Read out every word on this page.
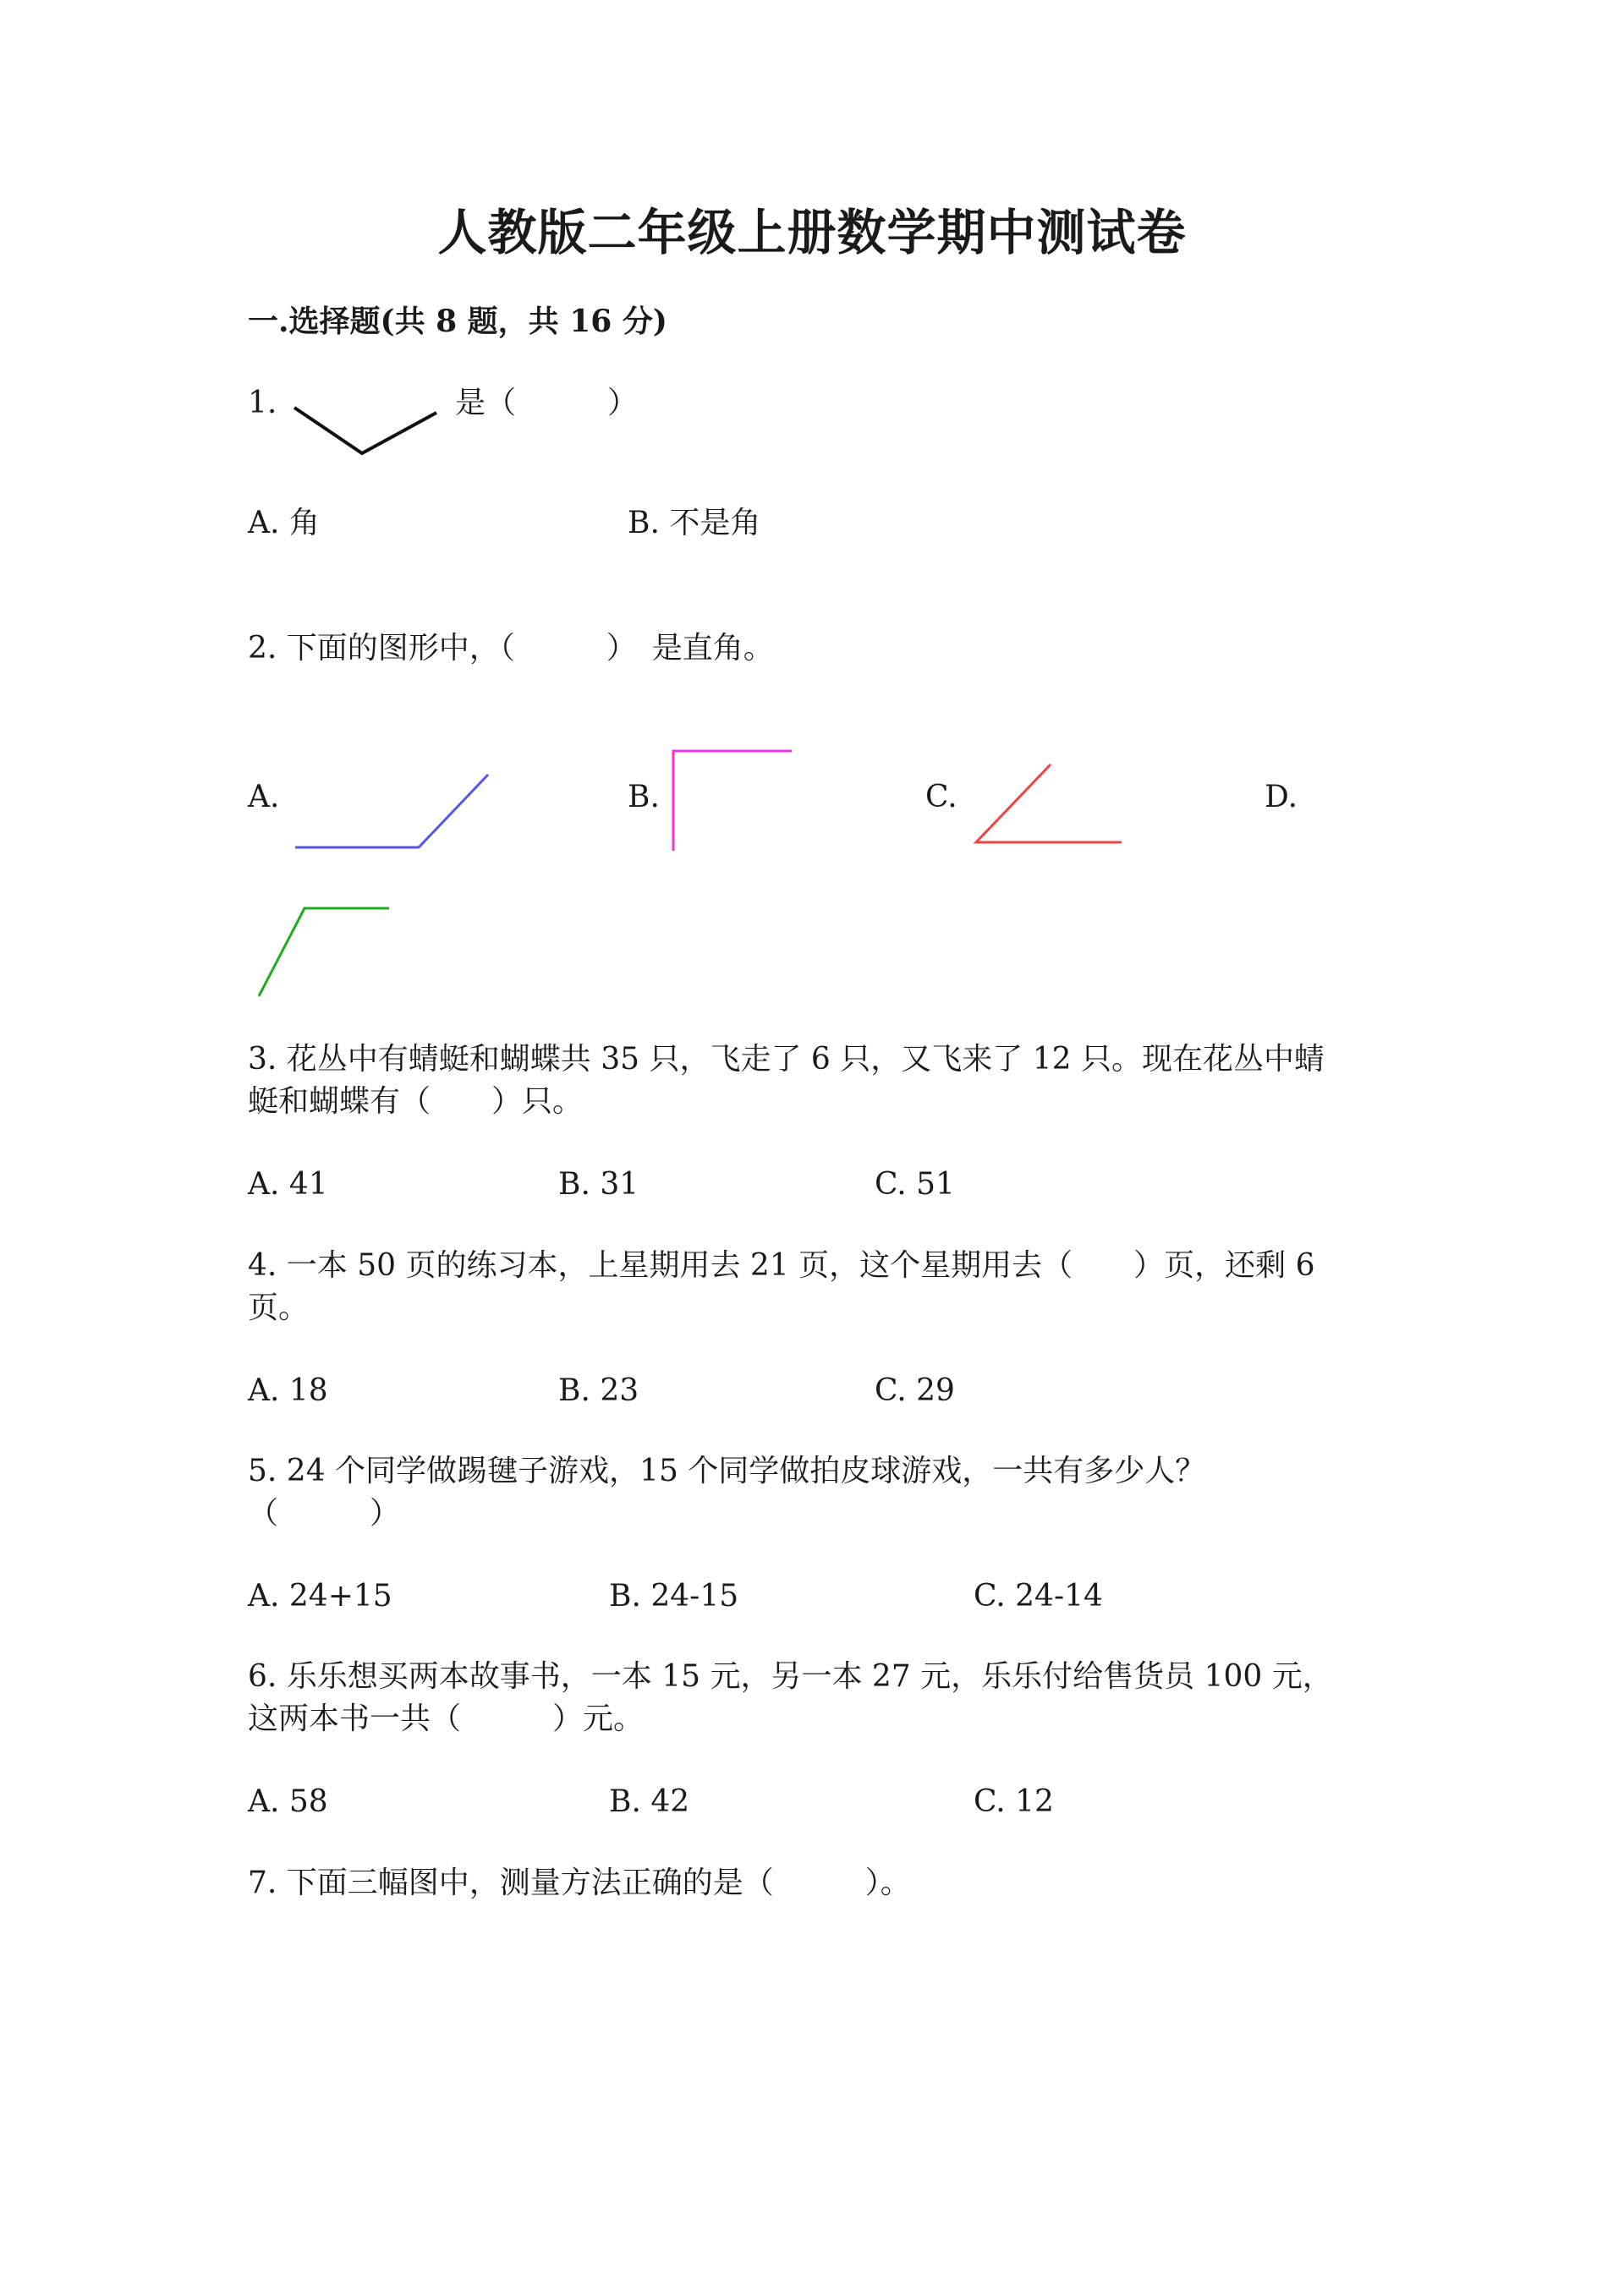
人教版二年级上册数学期中测试卷
一.选择题(共 8 题，共 16 分)
1.	是（　　　）
A. 角	B. 不是角
2. 下面的图形中，（　　　）　是直角。
A.	B.	C.	D.
3. 花丛中有蜻蜓和蝴蝶共 35 只，飞走了 6 只，又飞来了 12 只。现在花丛中蜻
蜓和蝴蝶有（　　）只。
A. 41	B. 31	C. 51
4. 一本 50 页的练习本，上星期用去 21 页，这个星期用去（　　）页，还剩 6
页。
A. 18	B. 23	C. 29
5. 24 个同学做踢毽子游戏，15 个同学做拍皮球游戏，一共有多少人？
（　　　）
A. 24+15	B. 24-15	C. 24-14
6. 乐乐想买两本故事书，一本 15 元，另一本 27 元，乐乐付给售货员 100 元，
这两本书一共（　　　）元。
A. 58	B. 42	C. 12
7. 下面三幅图中，测量方法正确的是（　　　）。
